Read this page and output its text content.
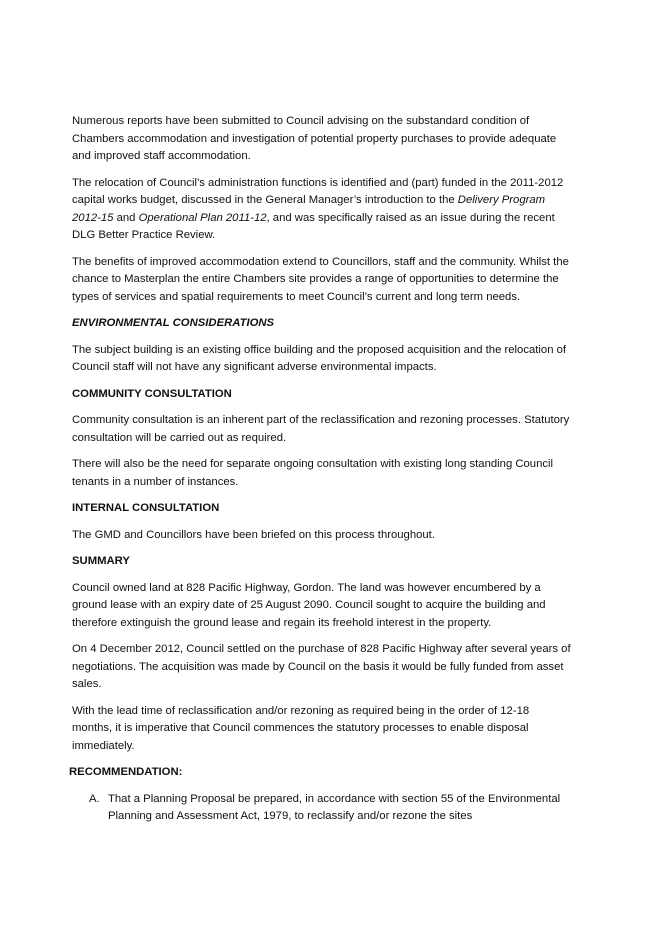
Numerous reports have been submitted to Council advising on the substandard condition of Chambers accommodation and investigation of potential property purchases to provide adequate and improved staff accommodation.

The relocation of Council’s administration functions is identified and (part) funded in the 2011-2012 capital works budget, discussed in the General Manager’s introduction to the Delivery Program 2012-15 and Operational Plan 2011-12, and was specifically raised as an issue during the recent DLG Better Practice Review.

The benefits of improved accommodation extend to Councillors, staff and the community. Whilst the chance to Masterplan the entire Chambers site provides a range of opportunities to determine the types of services and spatial requirements to meet Council’s current and long term needs.

ENVIRONMENTAL CONSIDERATIONS

The subject building is an existing office building and the proposed acquisition and the relocation of Council staff will not have any significant adverse environmental impacts.

COMMUNITY CONSULTATION

Community consultation is an inherent part of the reclassification and rezoning processes. Statutory consultation will be carried out as required.

There will also be the need for separate ongoing consultation with existing long standing Council tenants in a number of instances.

INTERNAL CONSULTATION

The GMD and Councillors have been briefed on this process throughout.

SUMMARY

Council owned land at 828 Pacific Highway, Gordon. The land was however encumbered by a ground lease with an expiry date of 25 August 2090. Council sought to acquire the building and therefore extinguish the ground lease and regain its freehold interest in the property.

On 4 December 2012, Council settled on the purchase of 828 Pacific Highway after several years of negotiations. The acquisition was made by Council on the basis it would be fully funded from asset sales.

With the lead time of reclassification and/or rezoning as required being in the order of 12-18 months, it is imperative that Council commences the statutory processes to enable disposal immediately.

RECOMMENDATION:
A. That a Planning Proposal be prepared, in accordance with section 55 of the Environmental Planning and Assessment Act, 1979, to reclassify and/or rezone the sites
